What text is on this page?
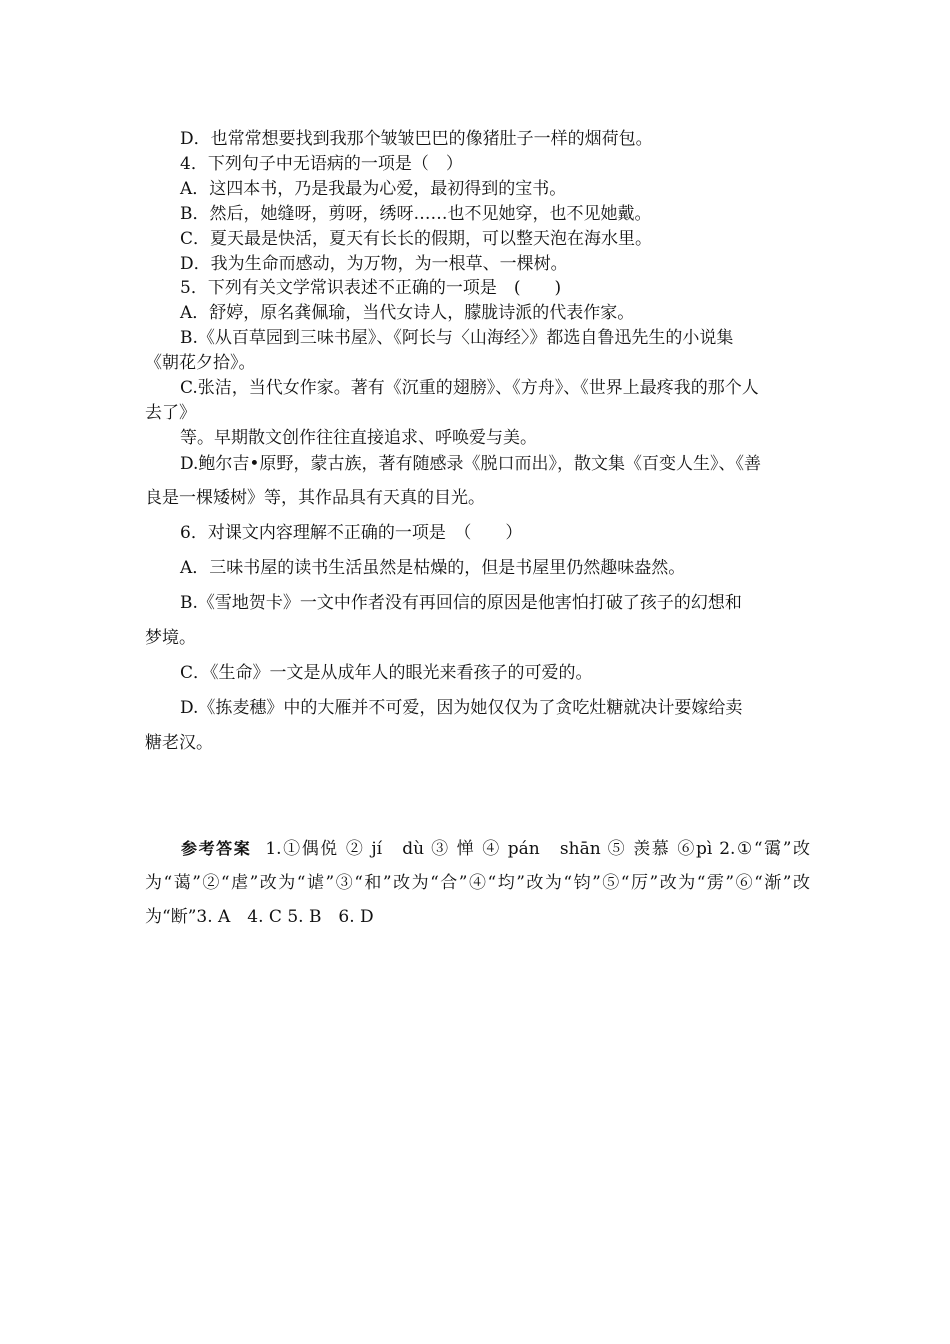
D．也常常想要找到我那个皱皱巴巴的像猪肚子一样的烟荷包。
4．下列句子中无语病的一项是（　）
A．这四本书，乃是我最为心爱，最初得到的宝书。
B．然后，她缝呀，剪呀，绣呀……也不见她穿，也不见她戴。
C．夏天最是快活，夏天有长长的假期，可以整天泡在海水里。
D．我为生命而感动，为万物，为一根草、一棵树。
5．下列有关文学常识表述不正确的一项是　(　　)
A．舒婷，原名龚佩瑜，当代女诗人，朦胧诗派的代表作家。
B.《从百草园到三味书屋》、《阿长与〈山海经〉》都选自鲁迅先生的小说集
《朝花夕拾》。
C.张洁，当代女作家。著有《沉重的翅膀》、《方舟》、《世界上最疼我的那个人
去了》
等。早期散文创作往往直接追求、呼唤爱与美。
D.鲍尔吉•原野，蒙古族，著有随感录《脱口而出》，散文集《百变人生》、《善
良是一棵矮树》等，其作品具有天真的目光。
6．对课文内容理解不正确的一项是　（　　）
A．三味书屋的读书生活虽然是枯燥的，但是书屋里仍然趣味盎然。
B.《雪地贺卡》一文中作者没有再回信的原因是他害怕打破了孩子的幻想和
梦境。
C．《生命》一文是从成年人的眼光来看孩子的可爱的。
D.《拣麦穗》中的大雁并不可爱，因为她仅仅为了贪吃灶糖就决计要嫁给卖
糖老汉。
参考答案 1.①偶侻 ② jí　dù ③ 惮 ④ pán　shān ⑤ 羡慕 ⑥pì 2.①“霭”改为“蔼”②“虐”改为“谑”③“和”改为“合”④“均”改为“钧”⑤“厉”改为“雳”⑥“渐”改为“断”3. A　4. C 5. B　6. D
